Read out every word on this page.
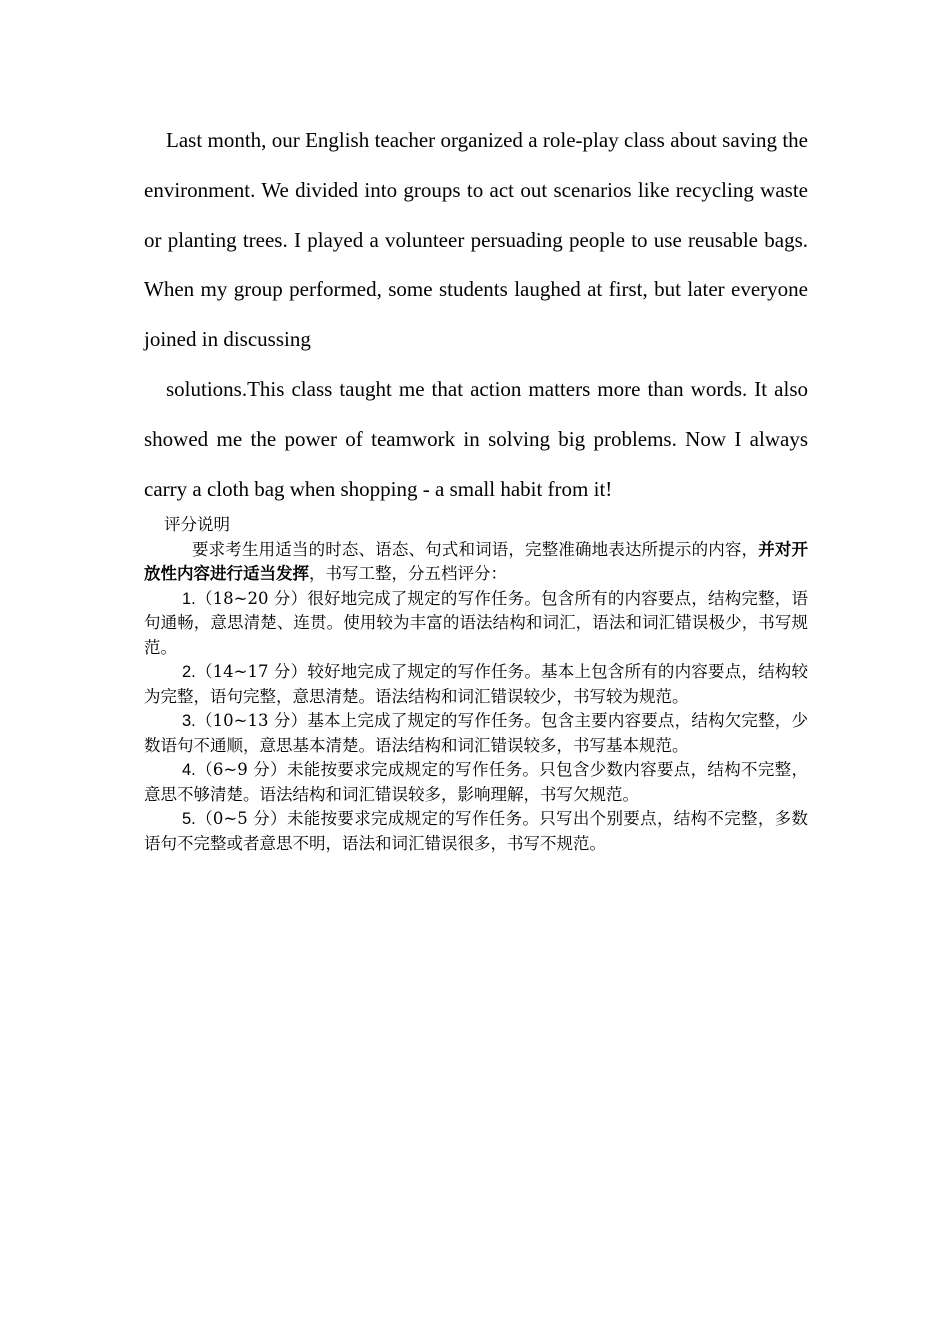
Last month, our English teacher organized a role-play class about saving the environment. We divided into groups to act out scenarios like recycling waste or planting trees. I played a volunteer persuading people to use reusable bags. When my group performed, some students laughed at first, but later everyone joined in discussing

solutions.This class taught me that action matters more than words. It also showed me the power of teamwork in solving big problems. Now I always carry a cloth bag when shopping - a small habit from it!

评分说明

要求考生用适当的时态、语态、句式和词语，完整准确地表达所提示的内容，并对开放性内容进行适当发挥，书写工整，分五档评分：

1.（18~20 分）很好地完成了规定的写作任务。包含所有的内容要点，结构完整，语句通畅，意思清楚、连贯。使用较为丰富的语法结构和词汇，语法和词汇错误极少，书写规范。
2.（14~17 分）较好地完成了规定的写作任务。基本上包含所有的内容要点，结构较为完整，语句完整，意思清楚。语法结构和词汇错误较少，书写较为规范。
3.（10~13 分）基本上完成了规定的写作任务。包含主要内容要点，结构欠完整，少数语句不通顺，意思基本清楚。语法结构和词汇错误较多，书写基本规范。
4.（6~9 分）未能按要求完成规定的写作任务。只包含少数内容要点，结构不完整，意思不够清楚。语法结构和词汇错误较多，影响理解，书写欠规范。
5.（0~5 分）未能按要求完成规定的写作任务。只写出个别要点，结构不完整，多数语句不完整或者意思不明，语法和词汇错误很多，书写不规范。
